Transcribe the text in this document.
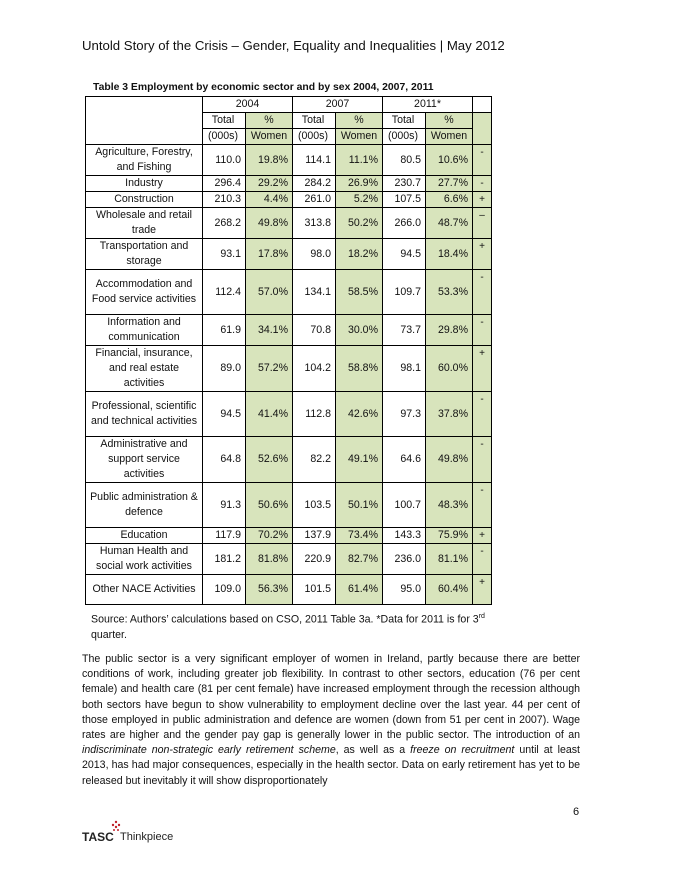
Untold Story of the Crisis – Gender, Equality and Inequalities | May 2012
Table 3 Employment by economic sector and by sex 2004, 2007, 2011
	2004		2007		2011*		
	Total	%	Total	%	Total	%	
	(000s)	Women	(000s)	Women	(000s)	Women	
Agriculture, Forestry, and Fishing	110.0	19.8%	114.1	11.1%	80.5	10.6%	-
Industry	296.4	29.2%	284.2	26.9%	230.7	27.7%	-
Construction	210.3	4.4%	261.0	5.2%	107.5	6.6%	+
Wholesale and retail trade	268.2	49.8%	313.8	50.2%	266.0	48.7%	–
Transportation and storage	93.1	17.8%	98.0	18.2%	94.5	18.4%	+
Accommodation and Food service activities	112.4	57.0%	134.1	58.5%	109.7	53.3%	-
Information and communication	61.9	34.1%	70.8	30.0%	73.7	29.8%	-
Financial, insurance, and real estate activities	89.0	57.2%	104.2	58.8%	98.1	60.0%	+
Professional, scientific and technical activities	94.5	41.4%	112.8	42.6%	97.3	37.8%	-
Administrative and support service activities	64.8	52.6%	82.2	49.1%	64.6	49.8%	-
Public administration & defence	91.3	50.6%	103.5	50.1%	100.7	48.3%	-
Education	117.9	70.2%	137.9	73.4%	143.3	75.9%	+
Human Health and social work activities	181.2	81.8%	220.9	82.7%	236.0	81.1%	-
Other NACE Activities	109.0	56.3%	101.5	61.4%	95.0	60.4%	+
Source: Authors’ calculations based on CSO, 2011 Table 3a. *Data for 2011 is for 3rd quarter.
The public sector is a very significant employer of women in Ireland, partly because there are better conditions of work, including greater job flexibility. In contrast to other sectors, education (76 per cent female) and health care (81 per cent female) have increased employment through the recession although both sectors have begun to show vulnerability to employment decline over the last year. 44 per cent of those employed in public administration and defence are women (down from 51 per cent in 2007). Wage rates are higher and the gender pay gap is generally lower in the public sector. The introduction of an indiscriminate non-strategic early retirement scheme, as well as a freeze on recruitment until at least 2013, has had major consequences, especially in the health sector. Data on early retirement has yet to be released but inevitably it will show disproportionately
6
TASC Thinkpiece
